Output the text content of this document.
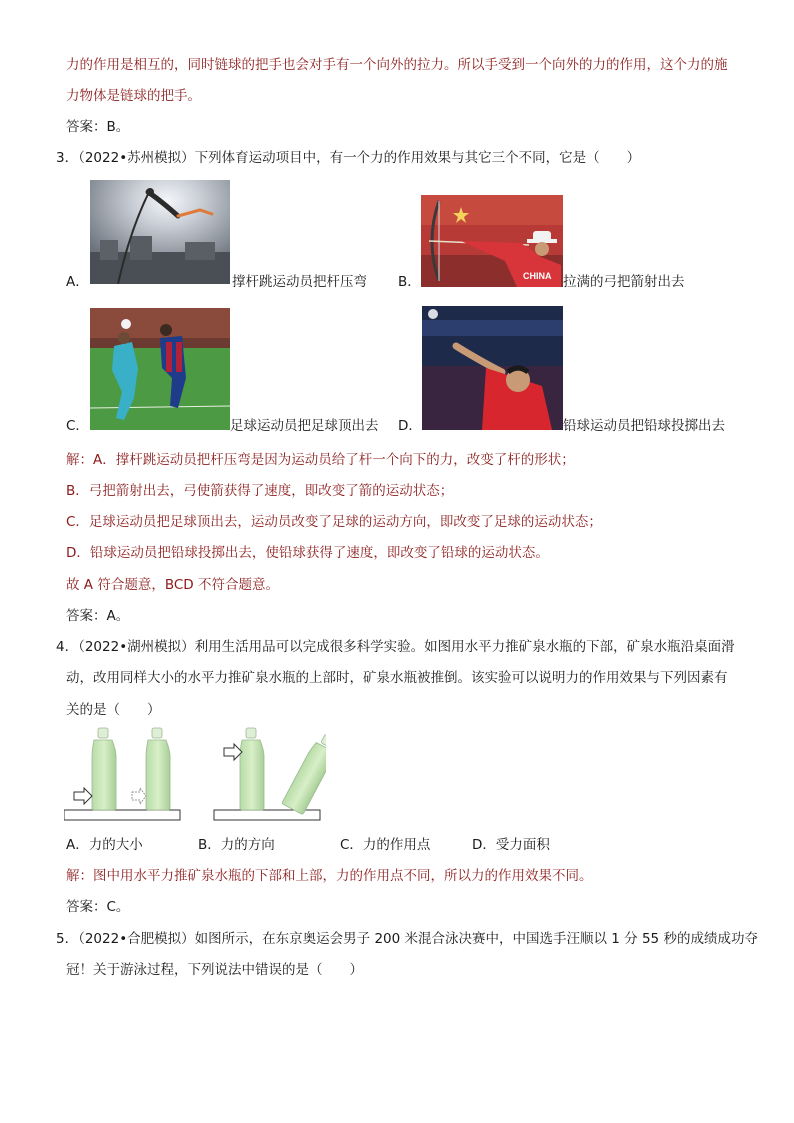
力的作用是相互的，同时链球的把手也会对手有一个向外的拉力。所以手受到一个向外的力的作用，这个力的施
力物体是链球的把手。
答案：B。
3．（2022•苏州模拟）下列体育运动项目中，有一个力的作用效果与其它三个不同，它是（　　）
A．	撑杆跳运动员把杆压弯 B．	CHINA 拉满的弓把箭射出去
C．	足球运动员把足球顶出去 D．	铅球运动员把铅球投掷出去
解：A．撑杆跳运动员把杆压弯是因为运动员给了杆一个向下的力，改变了杆的形状；
B．弓把箭射出去，弓使箭获得了速度，即改变了箭的运动状态；
C．足球运动员把足球顶出去，运动员改变了足球的运动方向，即改变了足球的运动状态；
D．铅球运动员把铅球投掷出去，使铅球获得了速度，即改变了铅球的运动状态。
故 A 符合题意，BCD 不符合题意。
答案：A。
4．（2022•湖州模拟）利用生活用品可以完成很多科学实验。如图用水平力推矿泉水瓶的下部，矿泉水瓶沿桌面滑
动，改用同样大小的水平力推矿泉水瓶的上部时，矿泉水瓶被推倒。该实验可以说明力的作用效果与下列因素有
关的是（　　）
A．力的大小	B．力的方向	C．力的作用点	D．受力面积
解：图中用水平力推矿泉水瓶的下部和上部，力的作用点不同，所以力的作用效果不同。
答案：C。
5．（2022•合肥模拟）如图所示，在东京奥运会男子 200 米混合泳决赛中，中国选手汪顺以 1 分 55 秒的成绩成功夺
冠！关于游泳过程，下列说法中错误的是（　　）
